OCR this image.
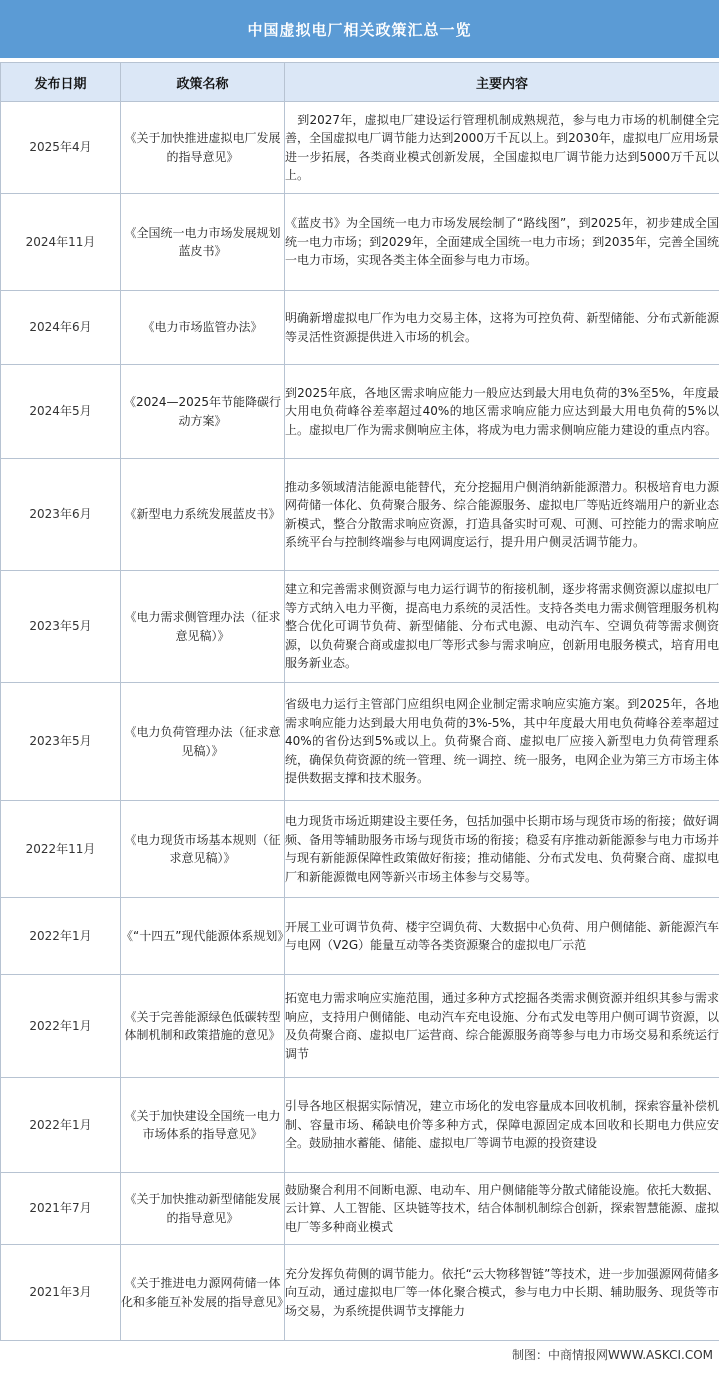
中国虚拟电厂相关政策汇总一览
发布日期	政策名称	主要内容
2025年4月	《关于加快推进虚拟电厂发展的指导意见》	　到2027年，虚拟电厂建设运行管理机制成熟规范，参与电力市场的机制健全完善，全国虚拟电厂调节能力达到2000万千瓦以上。到2030年，虚拟电厂应用场景进一步拓展，各类商业模式创新发展，全国虚拟电厂调节能力达到5000万千瓦以上。
2024年11月	《全国统一电力市场发展规划蓝皮书》	《蓝皮书》为全国统一电力市场发展绘制了“路线图”，到2025年，初步建成全国统一电力市场；到2029年，全面建成全国统一电力市场；到2035年，完善全国统一电力市场，实现各类主体全面参与电力市场。
2024年6月	《电力市场监管办法》	明确新增虚拟电厂作为电力交易主体，这将为可控负荷、新型储能、分布式新能源等灵活性资源提供进入市场的机会。
2024年5月	《2024—2025年节能降碳行动方案》	到2025年底，各地区需求响应能力一般应达到最大用电负荷的3%至5%，年度最大用电负荷峰谷差率超过40%的地区需求响应能力应达到最大用电负荷的5%以上。虚拟电厂作为需求侧响应主体，将成为电力需求侧响应能力建设的重点内容。
2023年6月	《新型电力系统发展蓝皮书》	推动多领域清洁能源电能替代，充分挖掘用户侧消纳新能源潜力。积极培育电力源网荷储一体化、负荷聚合服务、综合能源服务、虚拟电厂等贴近终端用户的新业态新模式，整合分散需求响应资源，打造具备实时可观、可测、可控能力的需求响应系统平台与控制终端参与电网调度运行，提升用户侧灵活调节能力。
2023年5月	《电力需求侧管理办法（征求意见稿）》	建立和完善需求侧资源与电力运行调节的衔接机制，逐步将需求侧资源以虚拟电厂等方式纳入电力平衡，提高电力系统的灵活性。支持各类电力需求侧管理服务机构整合优化可调节负荷、新型储能、分布式电源、电动汽车、空调负荷等需求侧资源，以负荷聚合商或虚拟电厂等形式参与需求响应，创新用电服务模式，培育用电服务新业态。
2023年5月	《电力负荷管理办法（征求意见稿）》	省级电力运行主管部门应组织电网企业制定需求响应实施方案。到2025年，各地需求响应能力达到最大用电负荷的3%-5%，其中年度最大用电负荷峰谷差率超过40%的省份达到5%或以上。负荷聚合商、虚拟电厂应接入新型电力负荷管理系统，确保负荷资源的统一管理、统一调控、统一服务，电网企业为第三方市场主体提供数据支撑和技术服务。
2022年11月	《电力现货市场基本规则（征求意见稿）》	电力现货市场近期建设主要任务，包括加强中长期市场与现货市场的衔接；做好调频、备用等辅助服务市场与现货市场的衔接；稳妥有序推动新能源参与电力市场并与现有新能源保障性政策做好衔接；推动储能、分布式发电、负荷聚合商、虚拟电厂和新能源微电网等新兴市场主体参与交易等。
2022年1月	《“十四五”现代能源体系规划》	开展工业可调节负荷、楼宇空调负荷、大数据中心负荷、用户侧储能、新能源汽车与电网（V2G）能量互动等各类资源聚合的虚拟电厂示范
2022年1月	《关于完善能源绿色低碳转型体制机制和政策措施的意见》	拓宽电力需求响应实施范围，通过多种方式挖掘各类需求侧资源并组织其参与需求响应，支持用户侧储能、电动汽车充电设施、分布式发电等用户侧可调节资源，以及负荷聚合商、虚拟电厂运营商、综合能源服务商等参与电力市场交易和系统运行调节
2022年1月	《关于加快建设全国统一电力市场体系的指导意见》	引导各地区根据实际情况，建立市场化的发电容量成本回收机制，探索容量补偿机制、容量市场、稀缺电价等多种方式，保障电源固定成本回收和长期电力供应安全。鼓励抽水蓄能、储能、虚拟电厂等调节电源的投资建设
2021年7月	《关于加快推动新型储能发展的指导意见》	鼓励聚合利用不间断电源、电动车、用户侧储能等分散式储能设施。依托大数据、云计算、人工智能、区块链等技术，结合体制机制综合创新，探索智慧能源、虚拟电厂等多种商业模式
2021年3月	《关于推进电力源网荷储一体化和多能互补发展的指导意见》	充分发挥负荷侧的调节能力。依托“云大物移智链”等技术，进一步加强源网荷储多向互动，通过虚拟电厂等一体化聚合模式，参与电力中长期、辅助服务、现货等市场交易，为系统提供调节支撑能力
制图：中商情报网WWW.ASKCI.COM
